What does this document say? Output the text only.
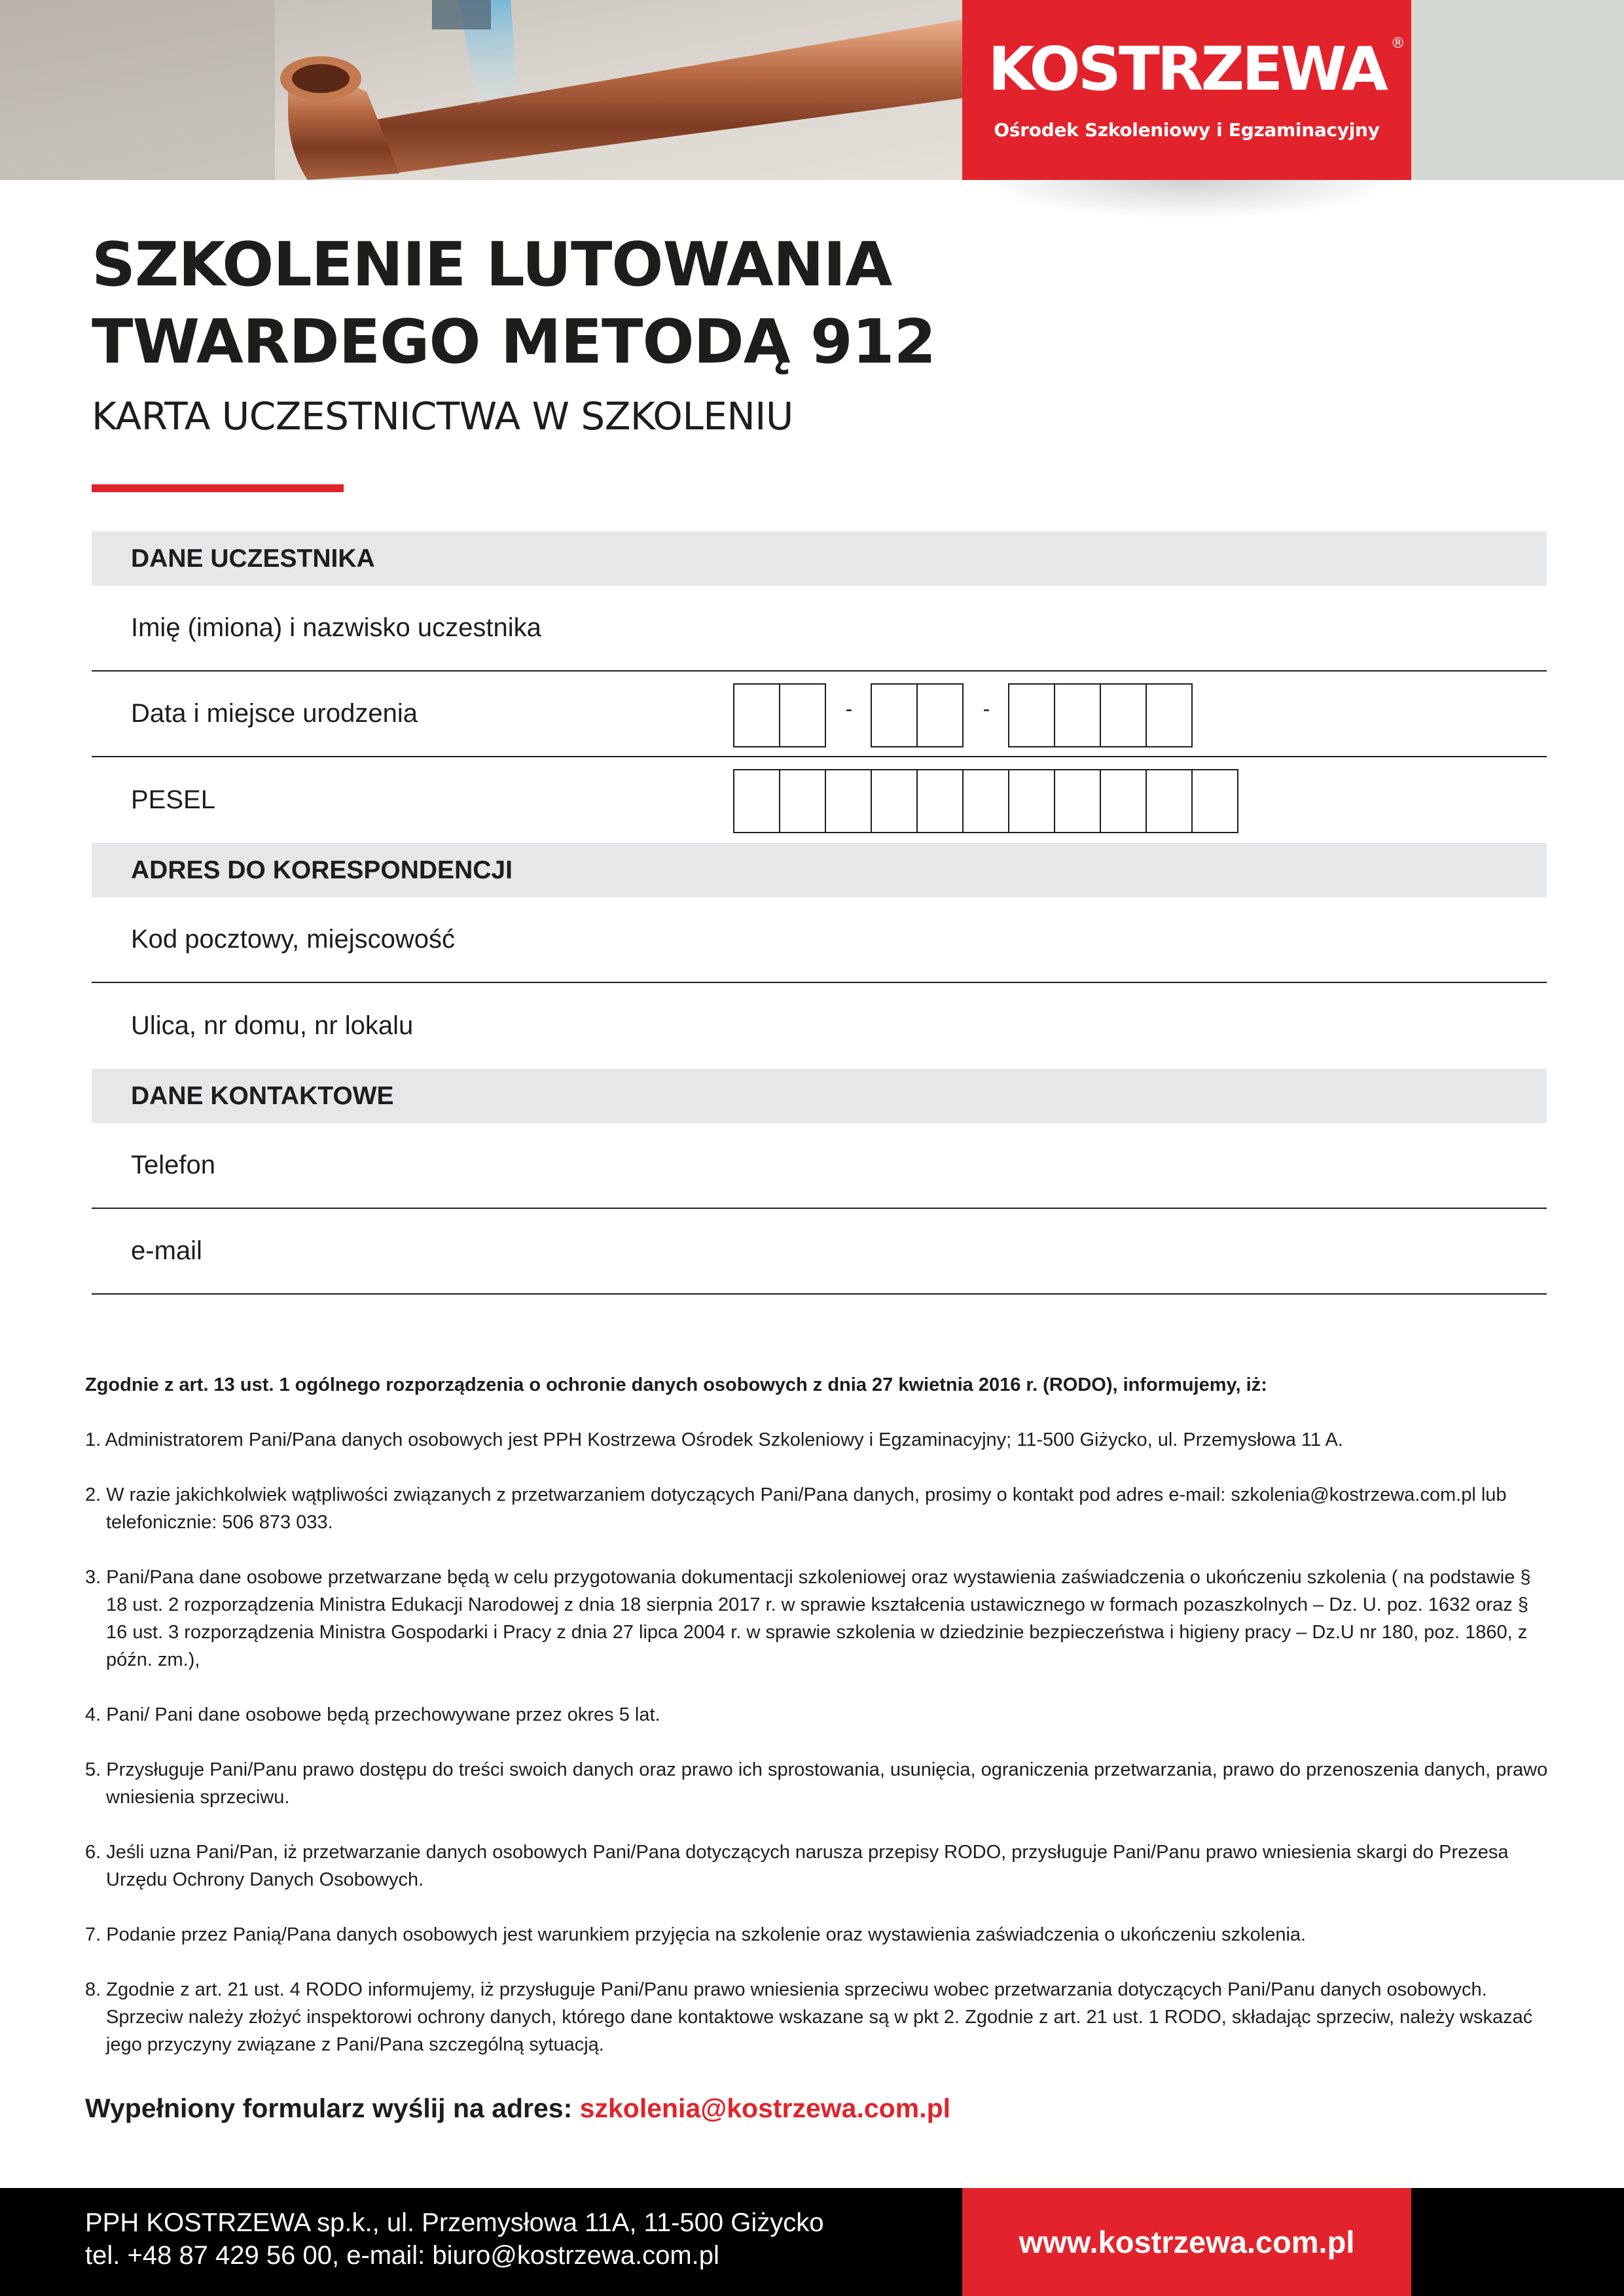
KOSTRZEWA ®
Ośrodek Szkoleniowy i Egzaminacyjny
SZKOLENIE LUTOWANIA
TWARDEGO METODĄ 912
KARTA UCZESTNICTWA W SZKOLENIU
DANE UCZESTNIKA
Imię (imiona) i nazwisko uczestnika
Data i miejsce urodzenia	-	-
PESEL
ADRES DO KORESPONDENCJI
Kod pocztowy, miejscowość
Ulica, nr domu, nr lokalu
DANE KONTAKTOWE
Telefon
e-mail
Zgodnie z art. 13 ust. 1 ogólnego rozporządzenia o ochronie danych osobowych z dnia 27 kwietnia 2016 r. (RODO), informujemy, iż:
1. Administratorem Pani/Pana danych osobowych jest PPH Kostrzewa Ośrodek Szkoleniowy i Egzaminacyjny; 11-500 Giżycko, ul. Przemysłowa 11 A.
2. W razie jakichkolwiek wątpliwości związanych z przetwarzaniem dotyczących Pani/Pana danych, prosimy o kontakt pod adres e-mail: szkolenia@kostrzewa.com.pl lub telefonicznie: 506 873 033.
3. Pani/Pana dane osobowe przetwarzane będą w celu przygotowania dokumentacji szkoleniowej oraz wystawienia zaświadczenia o ukończeniu szkolenia ( na podstawie § 18 ust. 2 rozporządzenia Ministra Edukacji Narodowej z dnia 18 sierpnia 2017 r. w sprawie kształcenia ustawicznego w formach pozaszkolnych – Dz. U. poz. 1632 oraz § 16 ust. 3 rozporządzenia Ministra Gospodarki i Pracy z dnia 27 lipca 2004 r. w sprawie szkolenia w dziedzinie bezpieczeństwa i higieny pracy – Dz.U nr 180, poz. 1860, z późn. zm.),
4. Pani/ Pani dane osobowe będą przechowywane przez okres 5 lat.
5. Przysługuje Pani/Panu prawo dostępu do treści swoich danych oraz prawo ich sprostowania, usunięcia, ograniczenia przetwarzania, prawo do przenoszenia danych, prawo wniesienia sprzeciwu.
6. Jeśli uzna Pani/Pan, iż przetwarzanie danych osobowych Pani/Pana dotyczących narusza przepisy RODO, przysługuje Pani/Panu prawo wniesienia skargi do Prezesa Urzędu Ochrony Danych Osobowych.
7. Podanie przez Panią/Pana danych osobowych jest warunkiem przyjęcia na szkolenie oraz wystawienia zaświadczenia o ukończeniu szkolenia.
8. Zgodnie z art. 21 ust. 4 RODO informujemy, iż przysługuje Pani/Panu prawo wniesienia sprzeciwu wobec przetwarzania dotyczących Pani/Panu danych osobowych. Sprzeciw należy złożyć inspektorowi ochrony danych, którego dane kontaktowe wskazane są w pkt 2. Zgodnie z art. 21 ust. 1 RODO, składając sprzeciw, należy wskazać jego przyczyny związane z Pani/Pana szczególną sytuacją.
Wypełniony formularz wyślij na adres: szkolenia@kostrzewa.com.pl
PPH KOSTRZEWA sp.k., ul. Przemysłowa 11A, 11-500 Giżycko
tel. +48 87 429 56 00, e-mail: biuro@kostrzewa.com.pl	www.kostrzewa.com.pl
